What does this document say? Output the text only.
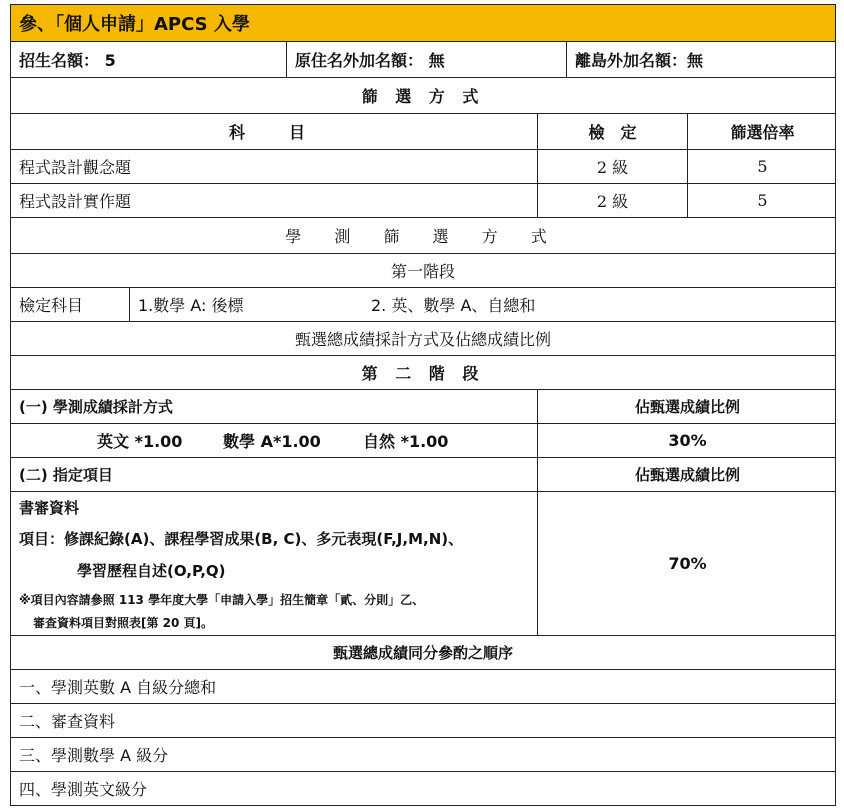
參、「個人申請」APCS 入學
招生名額： 5	原住名外加名額： 無	離島外加名額：無
篩 選 方 式
科　目	檢　定	篩選倍率
程式設計觀念題	2 級	5
程式設計實作題	2 級	5
學 測 篩 選 方 式
第一階段
檢定科目	1.數學 A: 後標	2. 英、數學 A、自總和
甄選總成績採計方式及佔總成績比例
第 二 階 段
(一) 學測成績採計方式	佔甄選成績比例
英文 *1.00	數學 A*1.00	自然 *1.00	30%
(二) 指定項目	佔甄選成績比例
書審資料
項目：修課紀錄(A)、課程學習成果(B, C)、多元表現(F,J,M,N)、
學習歷程自述(O,P,Q)
※項目內容請參照 113 學年度大學「申請入學」招生簡章「貳、分則」乙、
審查資料項目對照表[第 20 頁]。
70%
甄選總成績同分參酌之順序
一、學測英數 A 自級分總和
二、審查資料
三、學測數學 A 級分
四、學測英文級分
